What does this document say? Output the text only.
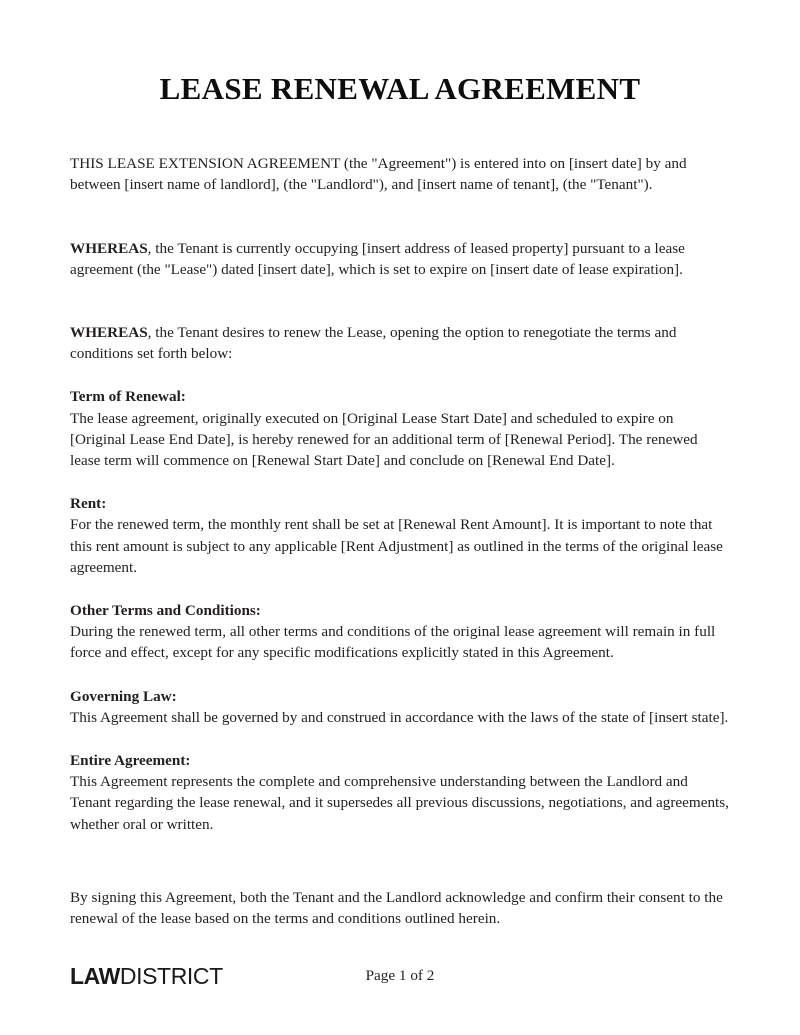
LEASE RENEWAL AGREEMENT

THIS LEASE EXTENSION AGREEMENT (the "Agreement") is entered into on [insert date] by and between [insert name of landlord], (the "Landlord"), and [insert name of tenant], (the "Tenant").

WHEREAS, the Tenant is currently occupying [insert address of leased property] pursuant to a lease agreement (the "Lease") dated [insert date], which is set to expire on [insert date of lease expiration].

WHEREAS, the Tenant desires to renew the Lease, opening the option to renegotiate the terms and conditions set forth below:

Term of Renewal:

The lease agreement, originally executed on [Original Lease Start Date] and scheduled to expire on [Original Lease End Date], is hereby renewed for an additional term of [Renewal Period]. The renewed lease term will commence on [Renewal Start Date] and conclude on [Renewal End Date].

Rent:

For the renewed term, the monthly rent shall be set at [Renewal Rent Amount]. It is important to note that this rent amount is subject to any applicable [Rent Adjustment] as outlined in the terms of the original lease agreement.

Other Terms and Conditions:

During the renewed term, all other terms and conditions of the original lease agreement will remain in full force and effect, except for any specific modifications explicitly stated in this Agreement.

Governing Law:

This Agreement shall be governed by and construed in accordance with the laws of the state of [insert state].

Entire Agreement:

This Agreement represents the complete and comprehensive understanding between the Landlord and Tenant regarding the lease renewal, and it supersedes all previous discussions, negotiations, and agreements, whether oral or written.

By signing this Agreement, both the Tenant and the Landlord acknowledge and confirm their consent to the renewal of the lease based on the terms and conditions outlined herein.

LAWDISTRICT	Page 1 of 2
